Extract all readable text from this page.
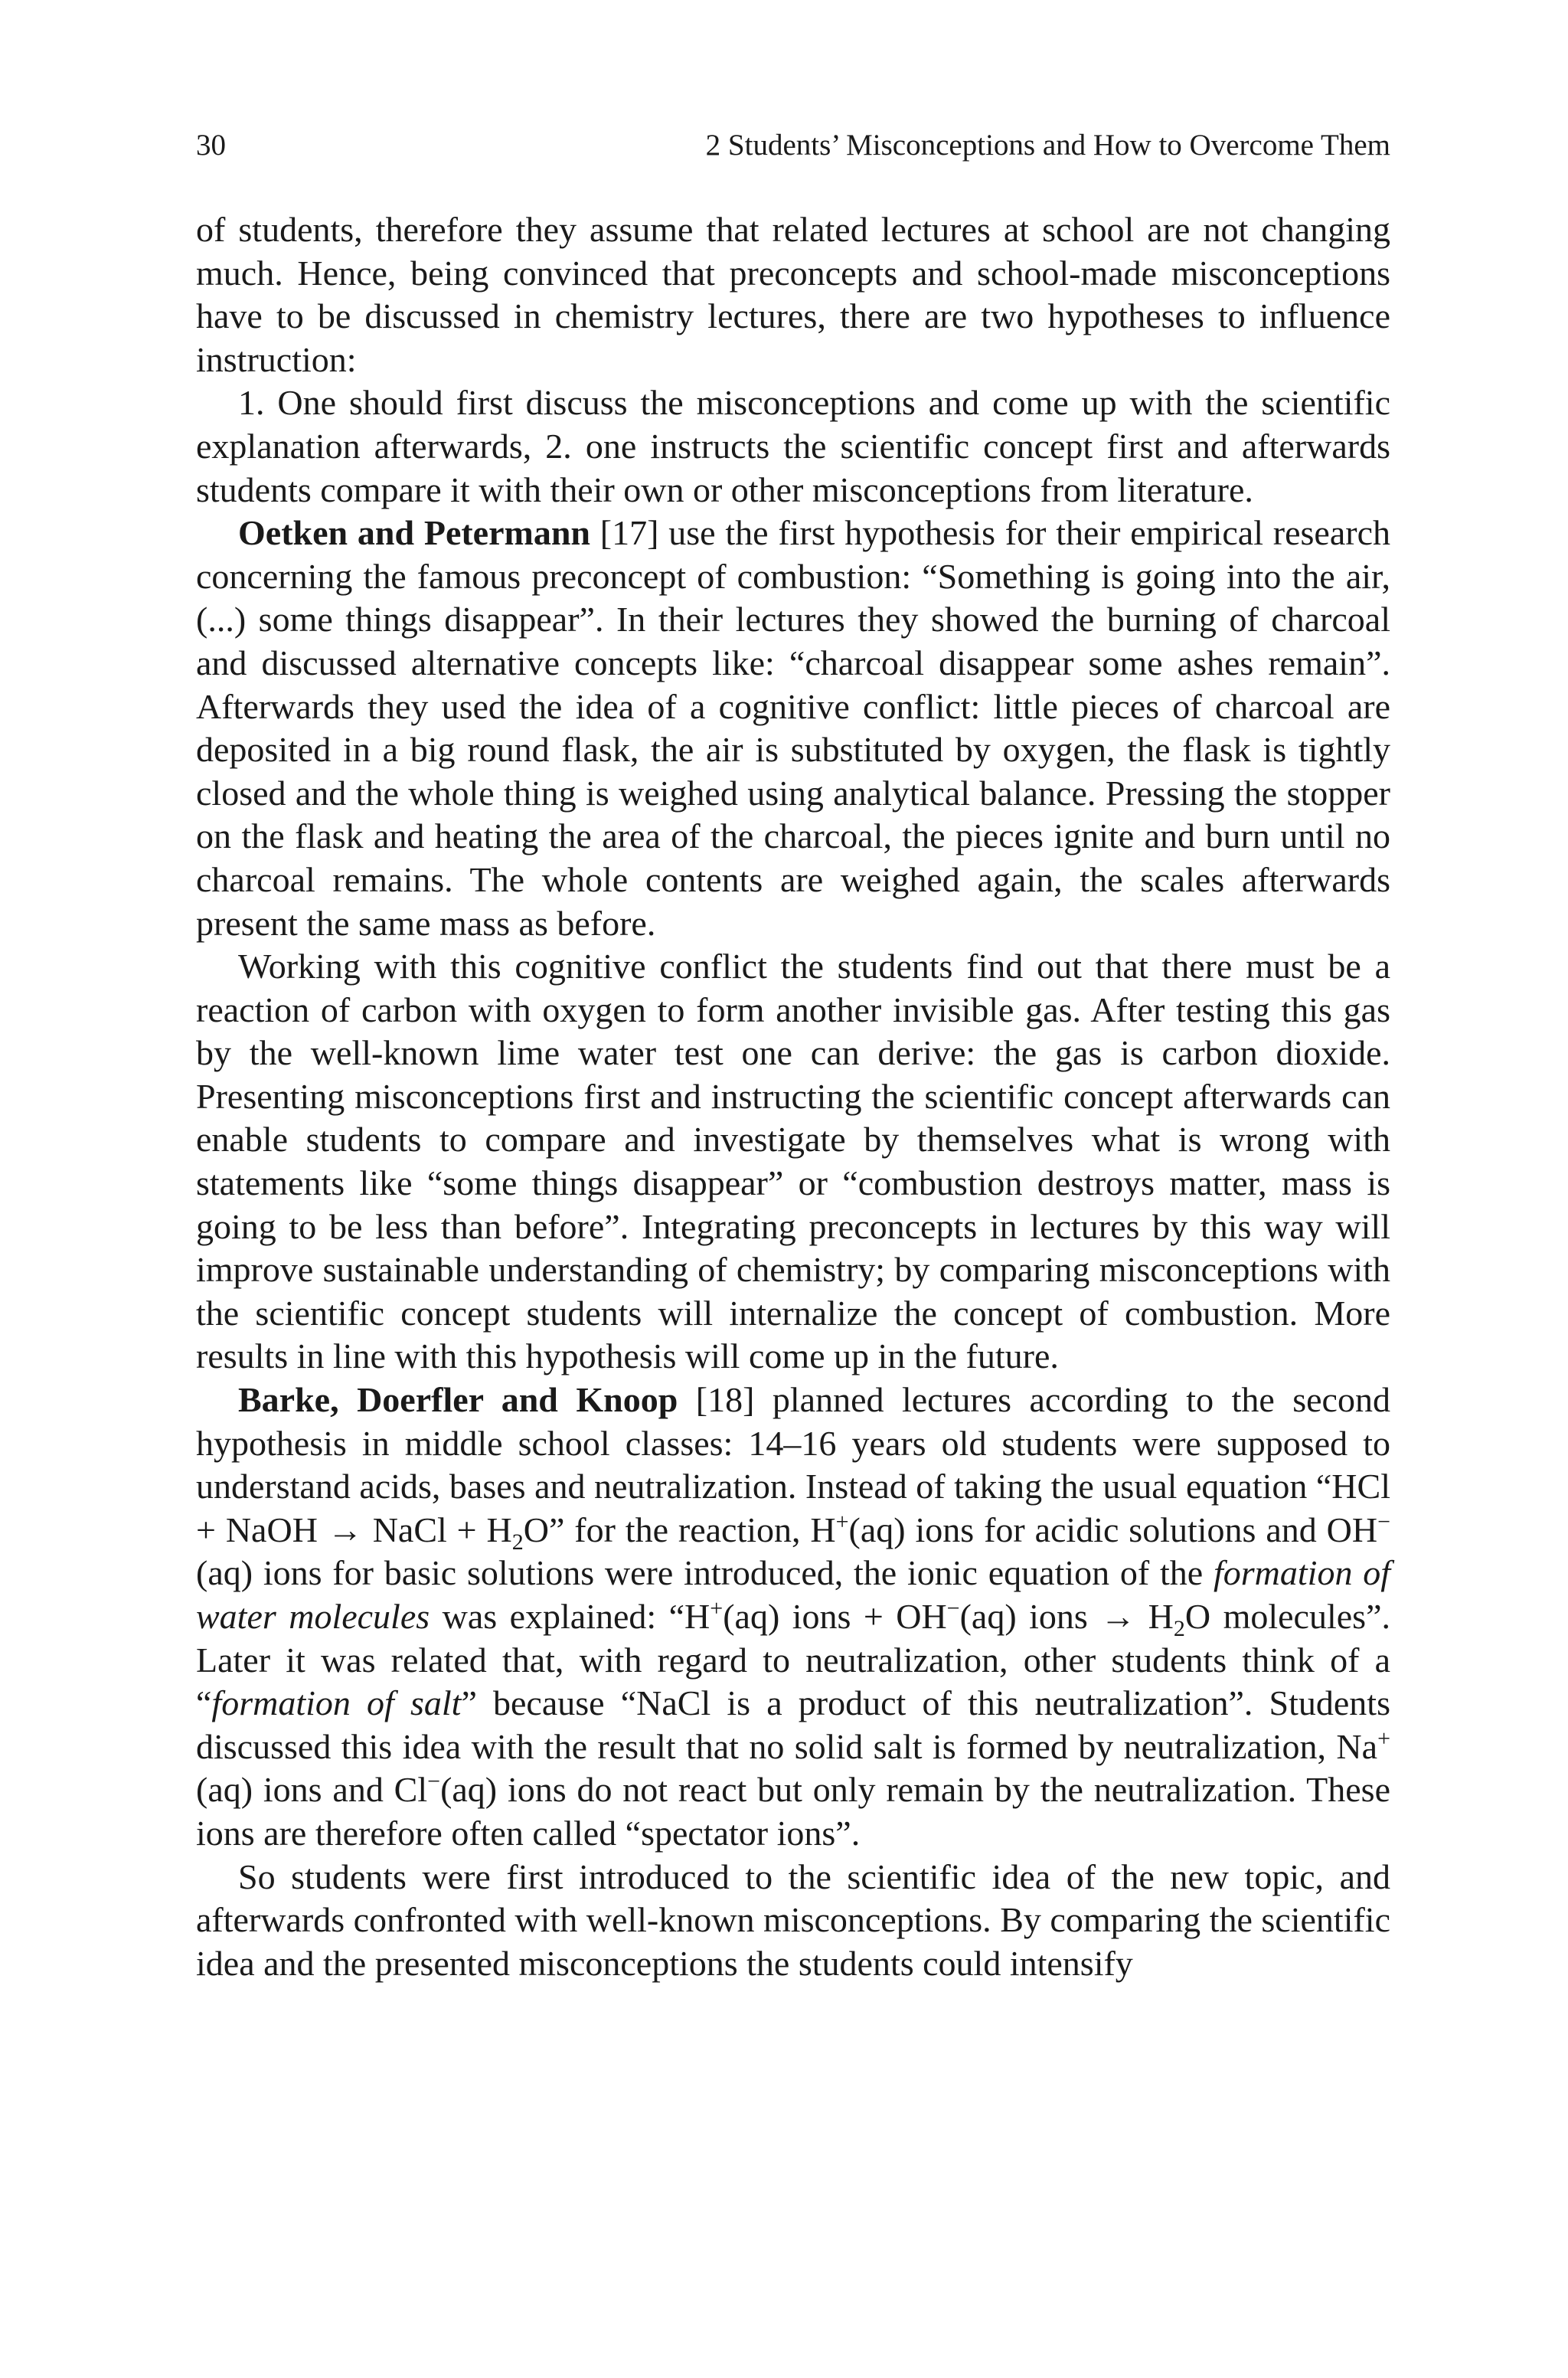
30	2 Students’ Misconceptions and How to Overcome Them

of students, therefore they assume that related lectures at school are not changing much. Hence, being convinced that preconcepts and school-made misconceptions have to be discussed in chemistry lectures, there are two hypotheses to influence instruction:

1. One should first discuss the misconceptions and come up with the scientific explanation afterwards, 2. one instructs the scientific concept first and afterwards students compare it with their own or other misconceptions from literature.

Oetken and Petermann [17] use the first hypothesis for their empirical research concerning the famous preconcept of combustion: “Something is going into the air, (...) some things disappear”. In their lectures they showed the burning of charcoal and discussed alternative concepts like: “charcoal disappear some ashes remain”. Afterwards they used the idea of a cognitive conflict: little pieces of charcoal are deposited in a big round flask, the air is substituted by oxygen, the flask is tightly closed and the whole thing is weighed using analytical balance. Pressing the stopper on the flask and heating the area of the charcoal, the pieces ignite and burn until no charcoal remains. The whole contents are weighed again, the scales afterwards present the same mass as before.

Working with this cognitive conflict the students find out that there must be a reaction of carbon with oxygen to form another invisible gas. After testing this gas by the well-known lime water test one can derive: the gas is carbon dioxide. Presenting misconceptions first and instructing the scientific concept afterwards can enable students to compare and investigate by themselves what is wrong with statements like “some things disappear” or “combustion destroys matter, mass is going to be less than before”. Integrating preconcepts in lectures by this way will improve sustainable understanding of chemistry; by comparing misconceptions with the scientific concept students will internalize the concept of combustion. More results in line with this hypothesis will come up in the future.

Barke, Doerfler and Knoop [18] planned lectures according to the second hypothesis in middle school classes: 14–16 years old students were supposed to understand acids, bases and neutralization. Instead of taking the usual equation “HCl + NaOH → NaCl + $H_2O$” for the reaction, H+(aq) ions for acidic solutions and OH−(aq) ions for basic solutions were introduced, the ionic equation of the formation of water molecules was explained: “H+(aq) ions + OH−(aq) ions → $H_2O$ molecules”. Later it was related that, with regard to neutralization, other students think of a “formation of salt” because “NaCl is a product of this neutralization”. Students discussed this idea with the result that no solid salt is formed by neutralization, Na+(aq) ions and Cl−(aq) ions do not react but only remain by the neutralization. These ions are therefore often called “spectator ions”.

So students were first introduced to the scientific idea of the new topic, and afterwards confronted with well-known misconceptions. By comparing the scientific idea and the presented misconceptions the students could intensify
